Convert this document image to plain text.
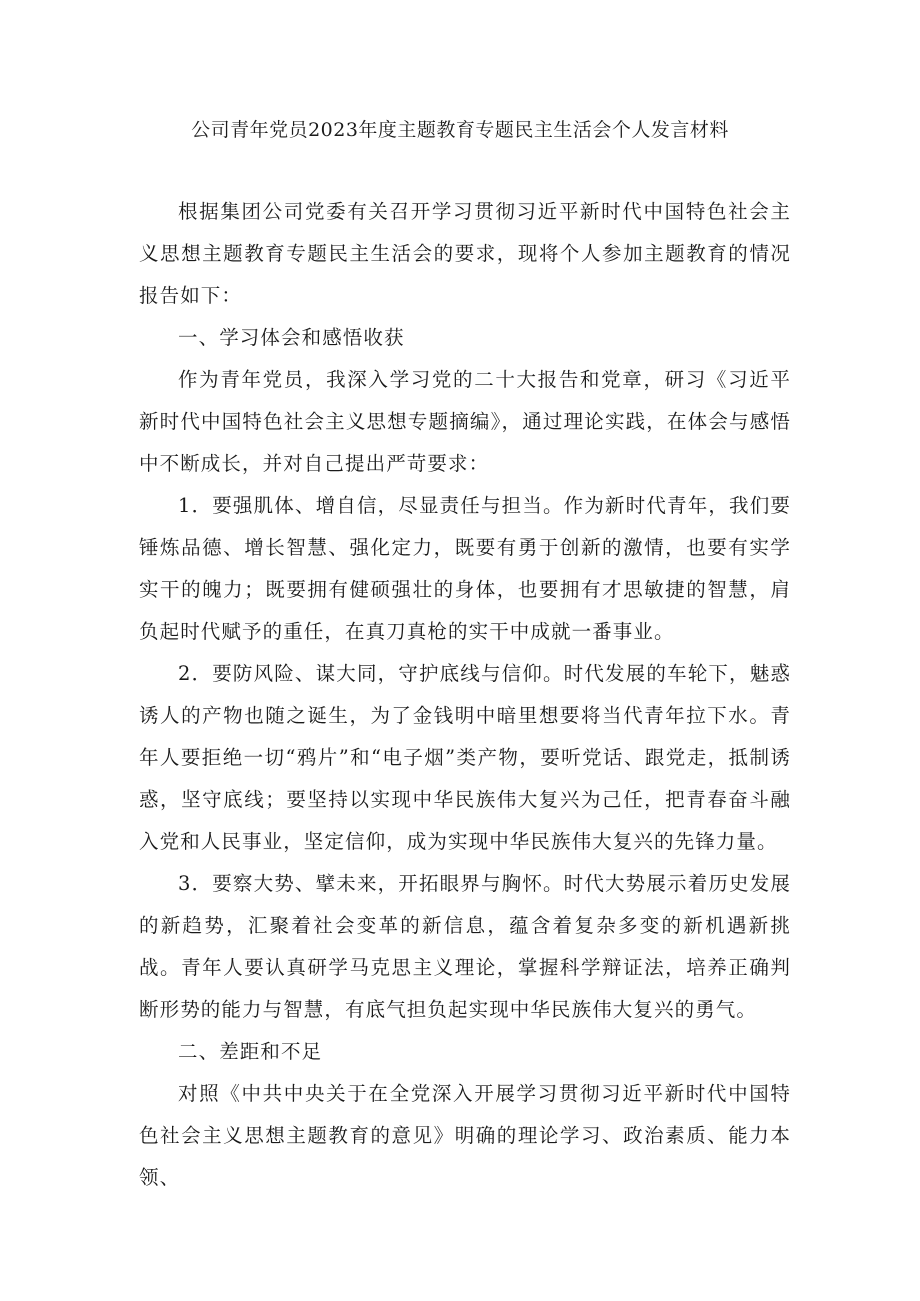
公司青年党员2023年度主题教育专题民主生活会个人发言材料

根据集团公司党委有关召开学习贯彻习近平新时代中国特色社会主义思想主题教育专题民主生活会的要求，现将个人参加主题教育的情况报告如下：

一、学习体会和感悟收获

作为青年党员，我深入学习党的二十大报告和党章，研习《习近平新时代中国特色社会主义思想专题摘编》，通过理论实践，在体会与感悟中不断成长，并对自己提出严苛要求：

1．要强肌体、增自信，尽显责任与担当。作为新时代青年，我们要锤炼品德、增长智慧、强化定力，既要有勇于创新的激情，也要有实学实干的魄力；既要拥有健硕强壮的身体，也要拥有才思敏捷的智慧，肩负起时代赋予的重任，在真刀真枪的实干中成就一番事业。

2．要防风险、谋大同，守护底线与信仰。时代发展的车轮下，魅惑诱人的产物也随之诞生，为了金钱明中暗里想要将当代青年拉下水。青年人要拒绝一切“鸦片”和“电子烟”类产物，要听党话、跟党走，抵制诱惑，坚守底线；要坚持以实现中华民族伟大复兴为己任，把青春奋斗融入党和人民事业，坚定信仰，成为实现中华民族伟大复兴的先锋力量。

3．要察大势、擘未来，开拓眼界与胸怀。时代大势展示着历史发展的新趋势，汇聚着社会变革的新信息，蕴含着复杂多变的新机遇新挑战。青年人要认真研学马克思主义理论，掌握科学辩证法，培养正确判断形势的能力与智慧，有底气担负起实现中华民族伟大复兴的勇气。

二、差距和不足

对照《中共中央关于在全党深入开展学习贯彻习近平新时代中国特色社会主义思想主题教育的意见》明确的理论学习、政治素质、能力本领、
